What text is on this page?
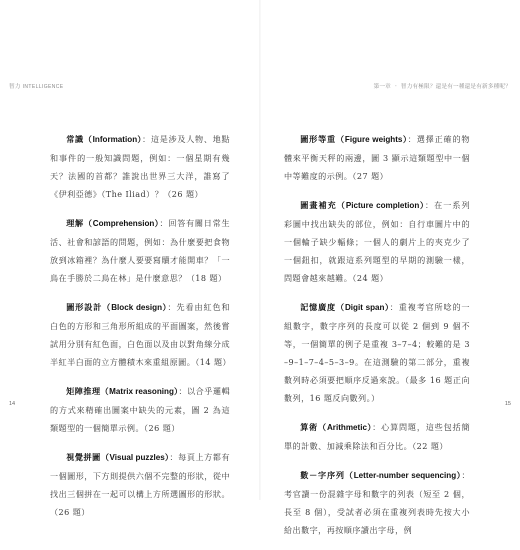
智力 INTELLIGENCE	第一章 · 智力有極限？還是有一種還是有新多種呢？

常識（Information）：這是涉及人物、地點和事件的一般知識問題，例如：一個星期有幾天？法國的首都？誰說出世界三大洋，誰寫了《伊利亞德》（The Iliad）？（26 題）

理解（Comprehension）：回答有關日常生活、社會和諺語的問題，例如：為什麼要把食物放到冰箱裡？為什麼人要要寫贖才能開車？「一鳥在手勝於二鳥在林」是什麼意思？（18 題）

圖形設計（Block design）：先看由紅色和白色的方形和三角形所組成的平面圖案，然後嘗試用分別有紅色面，白色面以及由以對角線分成半紅半白面的立方體積木來重組原圖。（14 題）

矩陣推理（Matrix reasoning）：以合乎邏輯的方式來精確出圖案中缺失的元素，圖 2 為這類題型的一個簡單示例。（26 題）

視覺拼圖（Visual puzzles）：每頁上方都有一個圖形，下方則提供六個不完整的形狀，從中找出三個拼在一起可以構上方所選圖形的形狀。（26 題）

圖形等重（Figure weights）：選擇正確的物體來平衡天秤的兩邊，圖 3 顯示這類題型中一個中等難度的示例。（27 題）

圖畫補充（Picture completion）：在一系列彩圖中找出缺失的部位，例如：自行車圖片中的一個輪子缺少輻條；一個人的劇片上的夾克少了一個鈕扣，就跟這系列題型的早期的測驗一樣，問題會越來越難。（24 題）

記憶廣度（Digit span）：重複考官所唸的一組數字，數字序列的長度可以從 2 個到 9 個不等，一個簡單的例子是重複 3–7–4；較難的是 3–9–1–7–4–5–3–9。在這測驗的第二部分，重複數列時必須要把順序反過來說。（最多 16 題正向數列，16 題反向數列。）

算術（Arithmetic）：心算問題，這些包括簡單的計數、加減乘除法和百分比。（22 題）

數－字序列（Letter-number sequencing）：考官讀一份混雜字母和數字的列表（短至 2 個，長至 8 個），受試者必須在重複列表時先按大小給出數字，再按順序讀出字母，例

14	15
